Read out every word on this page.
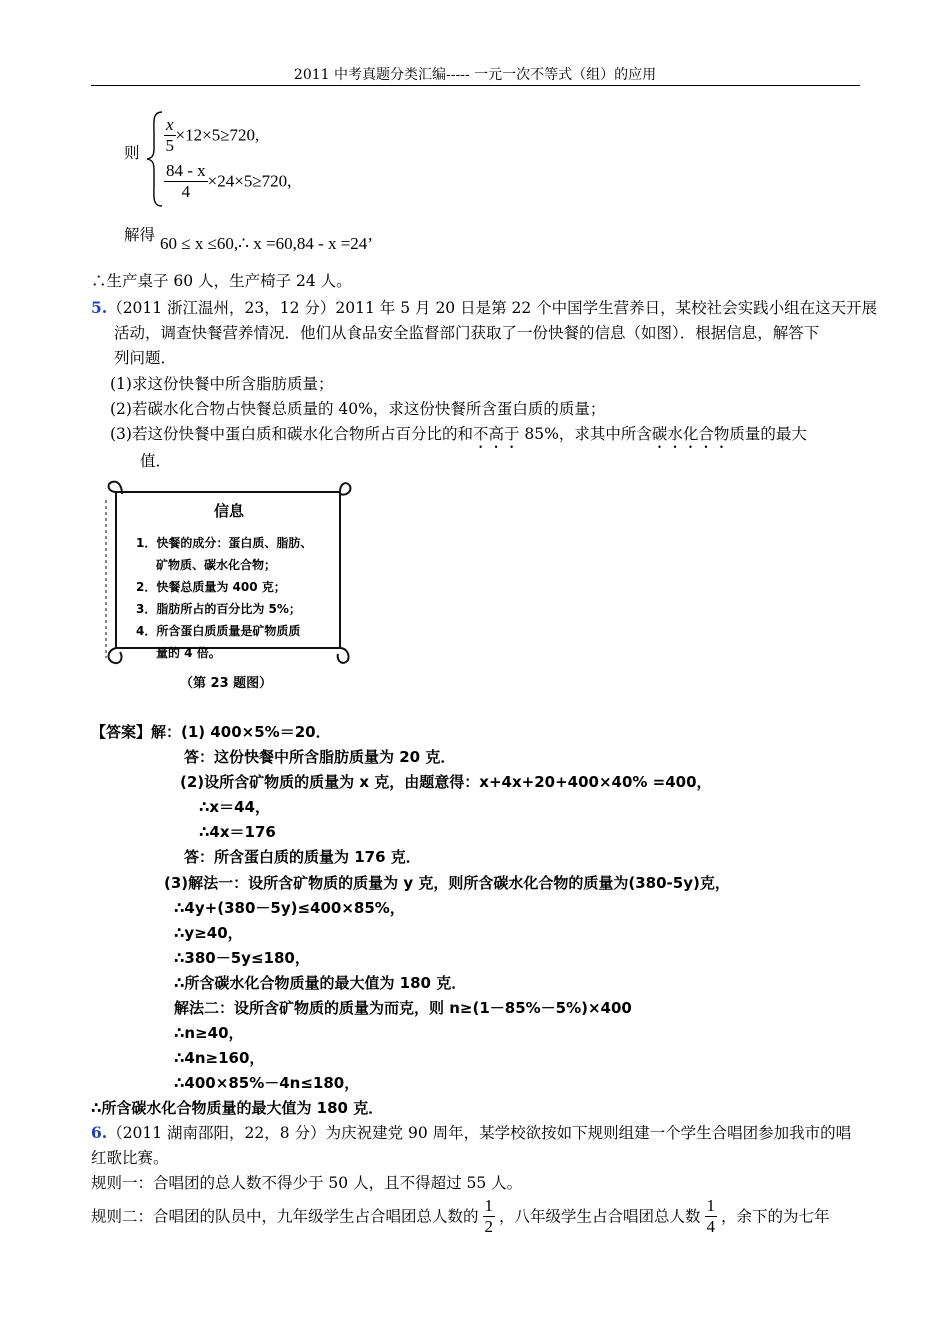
2011 中考真题分类汇编----- 一元一次不等式（组）的应用
则 $\frac{x}{5} \times 12\times 5\ge 720$,
$\frac{84 - x}{4} \times 24\times 5\ge 720$,
解得 60 ≤ x ≤60,∴ x =60,84 - x =24’
∴生产桌子 60 人，生产椅子 24 人。
5.（2011 浙江温州，23，12 分）2011 年 5 月 20 日是第 22 个中国学生营养日，某校社会实践小组在这天开展
活动，调查快餐营养情况．他们从食品安全监督部门获取了一份快餐的信息（如图）．根据信息，解答下
列问题．
(1)求这份快餐中所含脂肪质量；
(2)若碳水化合物占快餐总质量的 40%，求这份快餐所含蛋白质的质量；
(3)若这份快餐中蛋白质和碳水化合物所占百分比的和不高于 85%，求其中所含碳水化合物质量的最大
值．
信息
1．快餐的成分：蛋白质、脂肪、
矿物质、碳水化合物；
2．快餐总质量为 400 克；
3．脂肪所占的百分比为 5%；
4．所含蛋白质质量是矿物质质
量的 4 倍。
（第 23 题图）
【答案】解：(1) 400×5%＝20．
答：这份快餐中所含脂肪质量为 20 克．
(2)设所含矿物质的质量为 x 克，由题意得：x+4x+20+400×40% =400，
∴x＝44，
∴4x＝176
答：所含蛋白质的质量为 176 克．
(3)解法一：设所含矿物质的质量为 y 克，则所含碳水化合物的质量为(380-5y)克，
∴4y+(380－5y)≤400×85%，
∴y≥40，
∴380－5y≤180，
∴所含碳水化合物质量的最大值为 180 克．
解法二：设所含矿物质的质量为而克，则 n≥(1－85%－5%)×400
∴n≥40，
∴4n≥160，
∴400×85%－4n≤180，
∴所含碳水化合物质量的最大值为 180 克．
6.（2011 湖南邵阳，22，8 分）为庆祝建党 90 周年，某学校欲按如下规则组建一个学生合唱团参加我市的唱
红歌比赛。
规则一：合唱团的总人数不得少于 50 人，且不得超过 55 人。
规则二：合唱团的队员中，九年级学生占合唱团总人数的 $\frac{1}{2}$ ，八年级学生占合唱团总人数 $\frac{1}{4}$ ，余下的为七年
